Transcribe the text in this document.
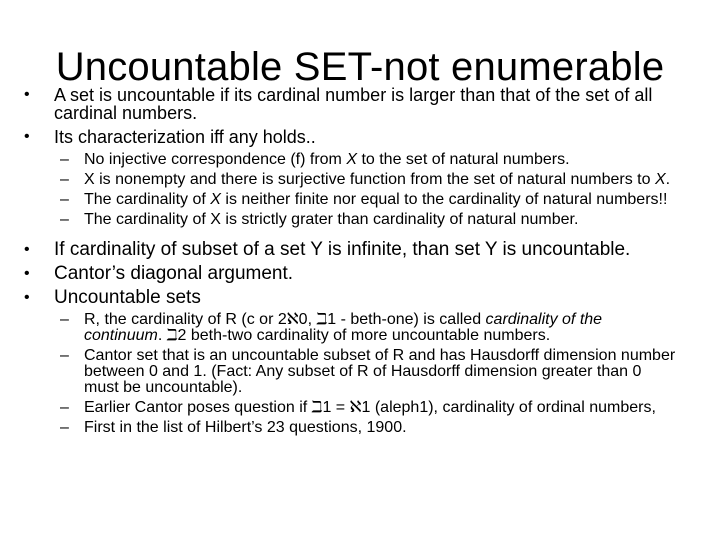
Uncountable SET-not enumerable
• A set is uncountable if its cardinal number is larger than that of the set of all cardinal numbers.
• Its characterization iff any holds..
– No injective correspondence (f) from X to the set of natural numbers.
– X is nonempty and there is surjective function from the set of natural numbers to X.
– The cardinality of X is neither finite nor equal to the cardinality of natural numbers!!
– The cardinality of X is strictly grater than cardinality of natural number.
• If cardinality of subset of a set Y is infinite, than set Y is uncountable.
• Cantor’s diagonal argument.
• Uncountable sets
– R, the cardinality of R (c or 2ℵ0, ℶ1 - beth-one) is called cardinality of the continuum. ℶ2 beth-two cardinality of more uncountable numbers.
– Cantor set that is an uncountable subset of R and has Hausdorff dimension number between 0 and 1. (Fact: Any subset of R of Hausdorff dimension greater than 0 must be uncountable).
– Earlier Cantor poses question if ℶ1 = ℵ1 (aleph1), cardinality of ordinal numbers,
– First in the list of Hilbert’s 23 questions, 1900.
